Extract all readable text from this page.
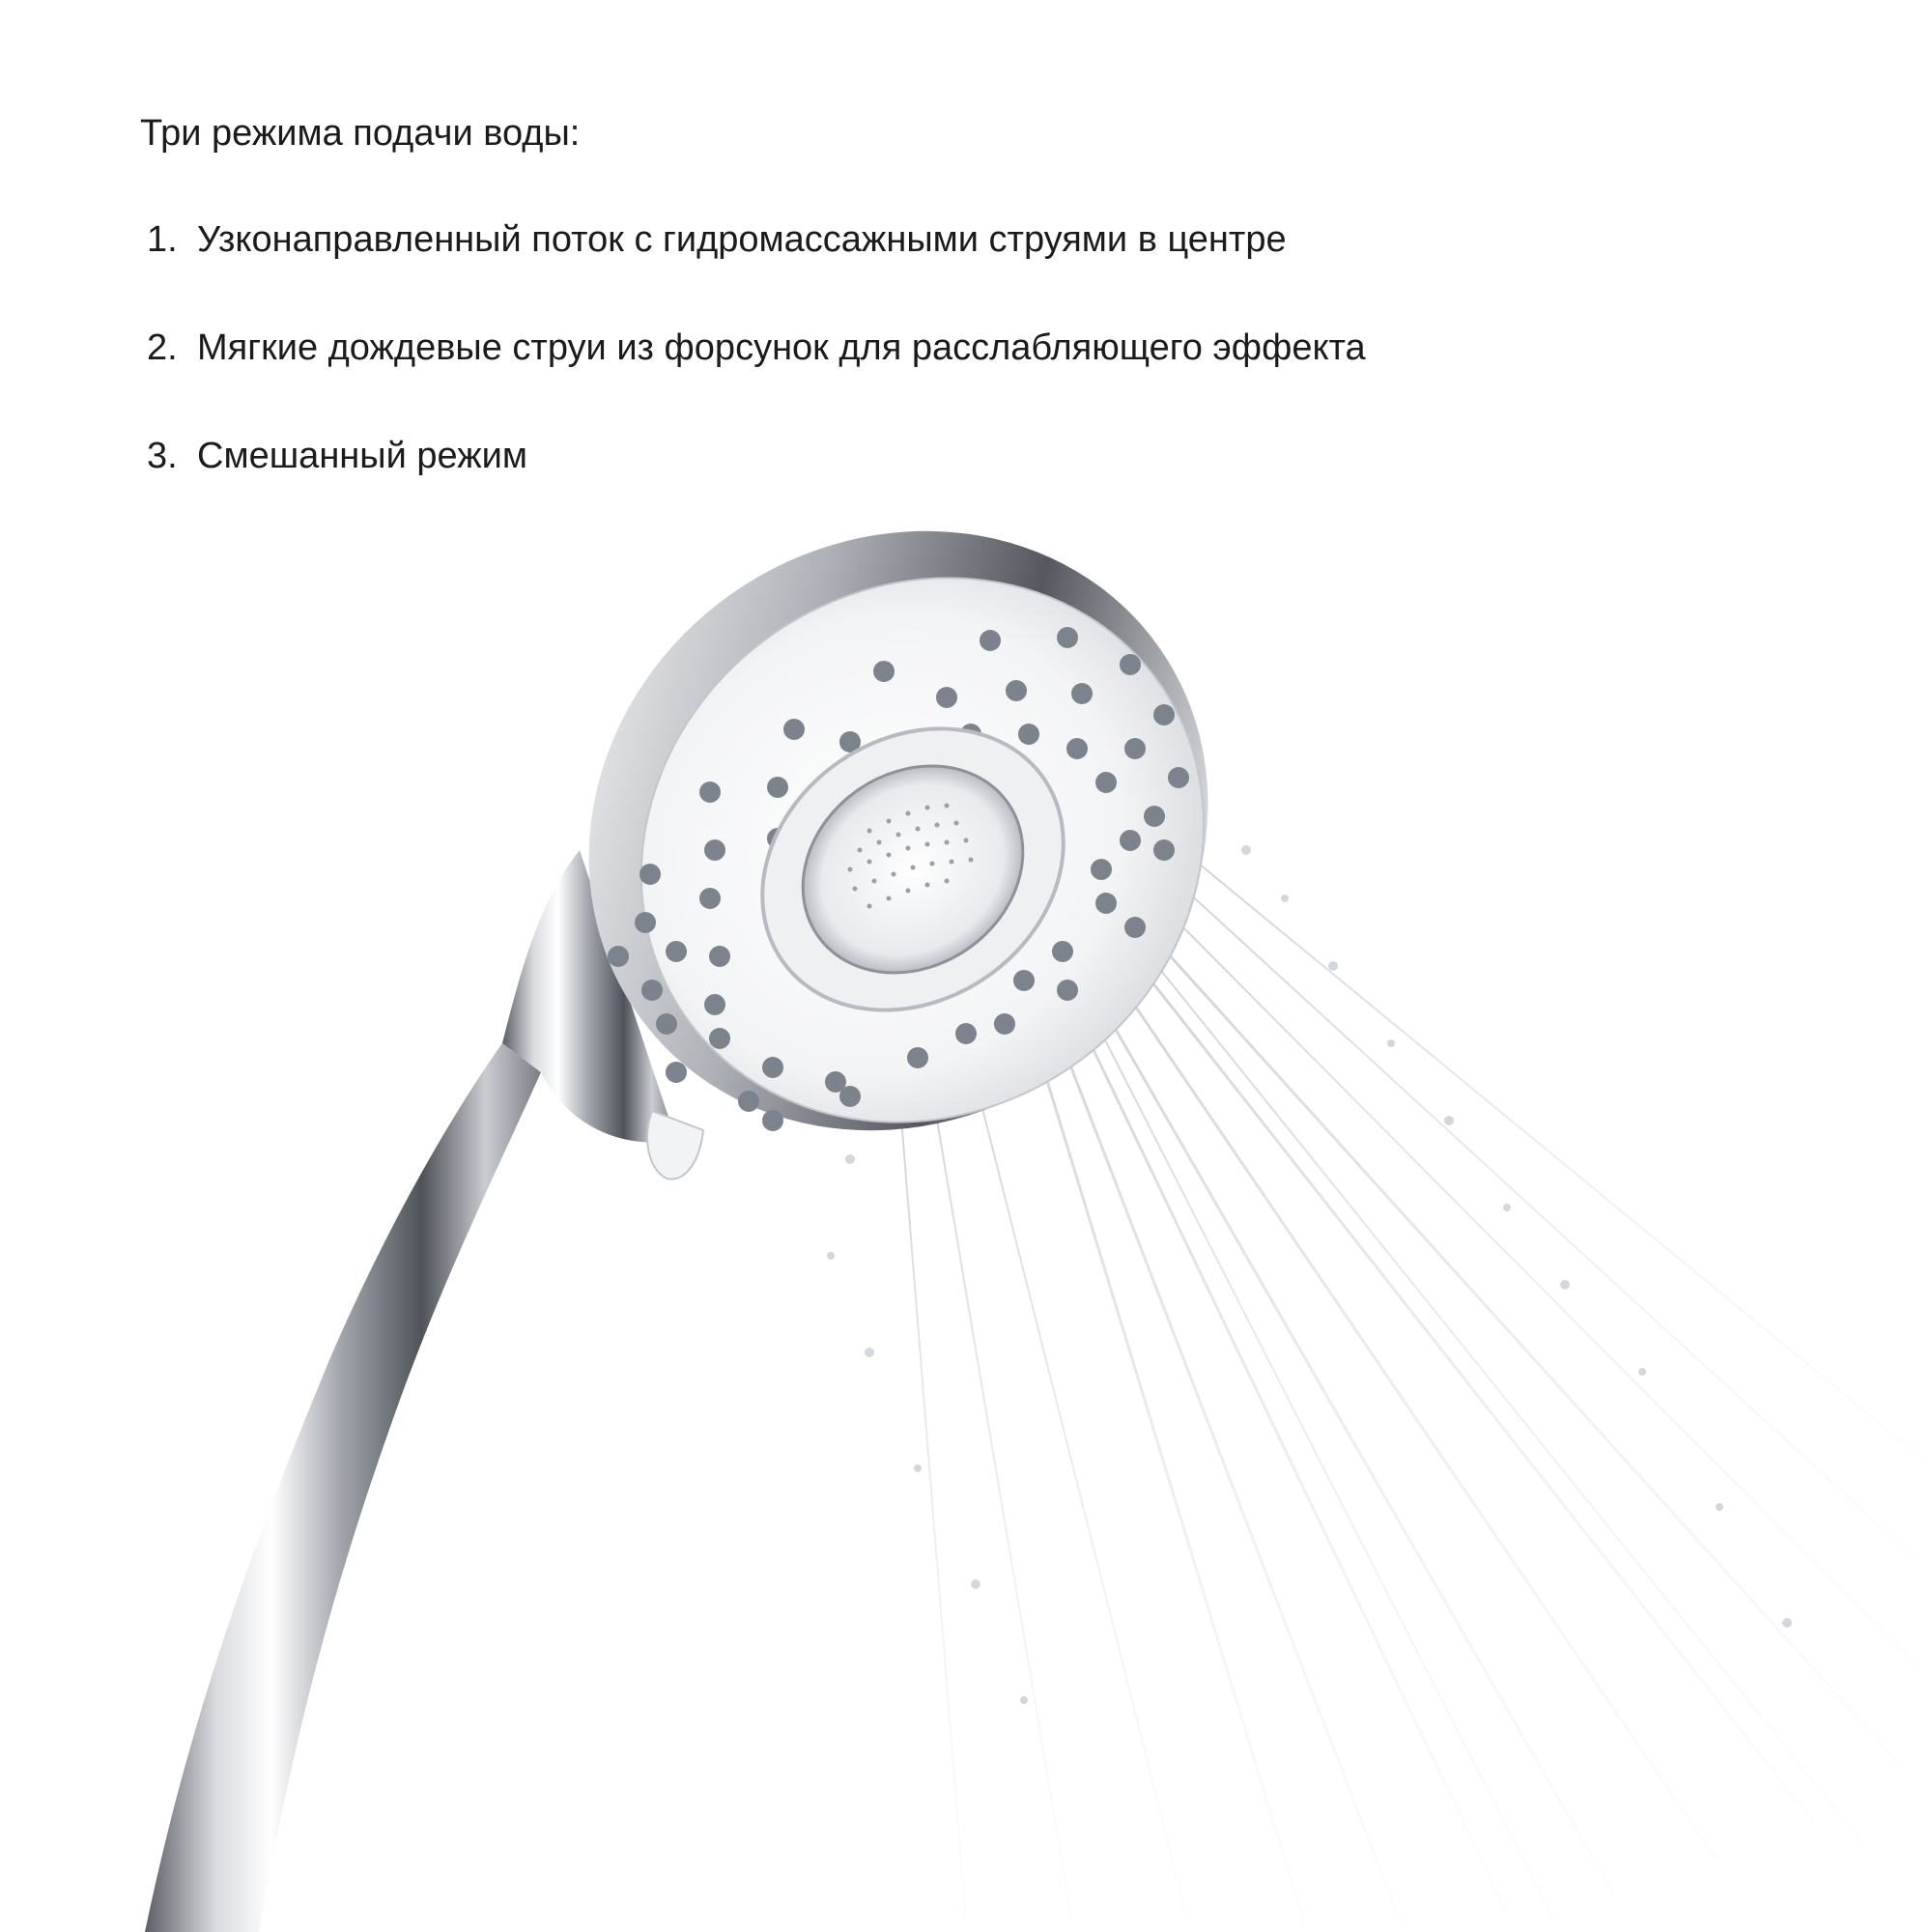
Три режима подачи воды:

1. Узконаправленный поток с гидромассажными струями в центре
2. Мягкие дождевые струи из форсунок для расслабляющего эффекта
3. Смешанный режим
